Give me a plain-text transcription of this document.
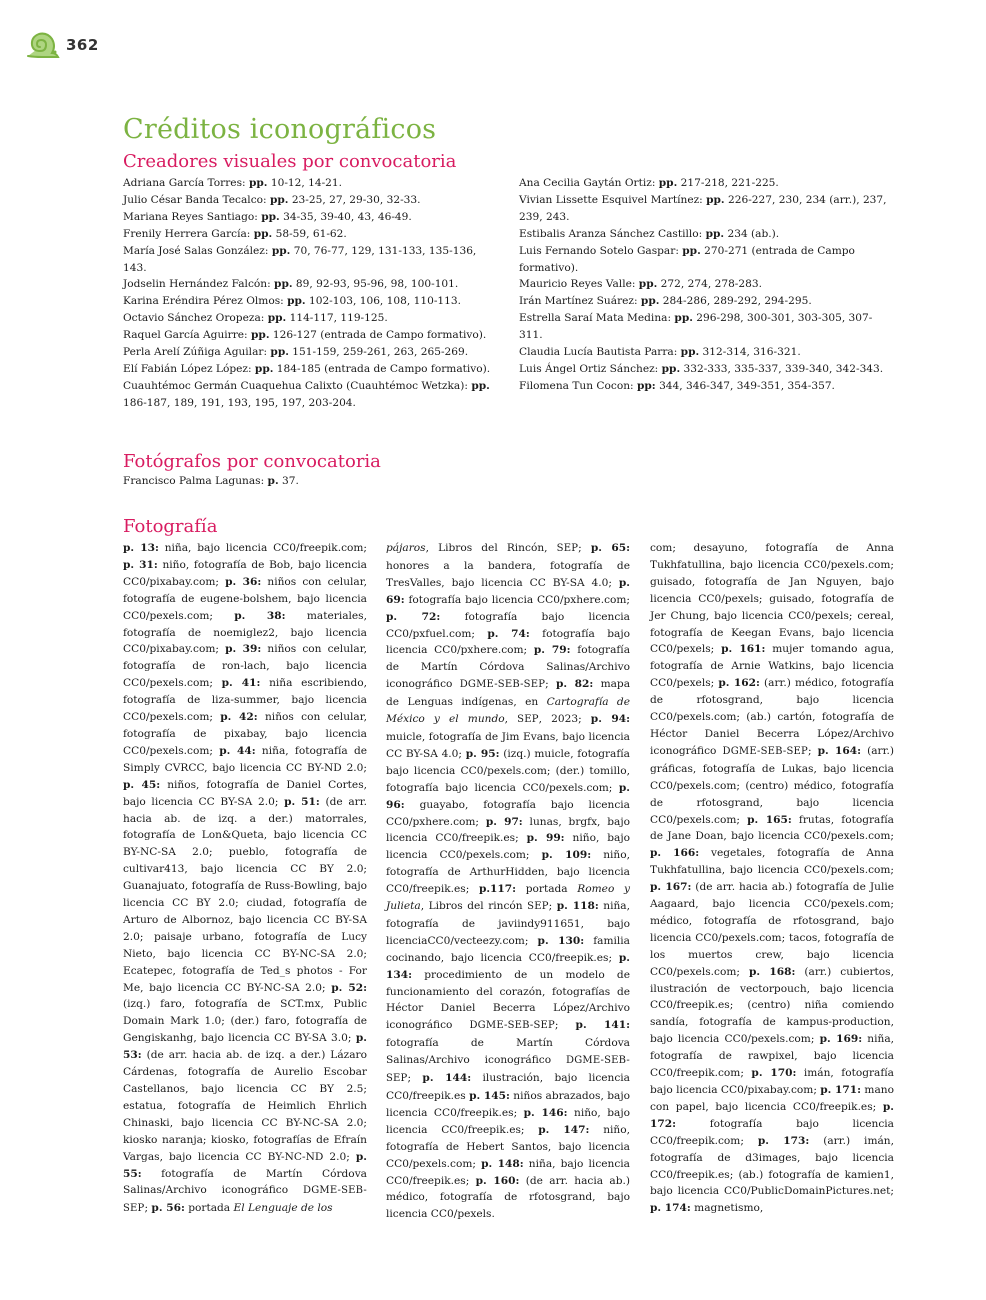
362
Créditos iconográficos
Creadores visuales por convocatoria
Adriana García Torres: pp. 10-12, 14-21.
Julio César Banda Tecalco: pp. 23-25, 27, 29-30, 32-33.
Mariana Reyes Santiago: pp. 34-35, 39-40, 43, 46-49.
Frenily Herrera García: pp. 58-59, 61-62.
María José Salas González: pp. 70, 76-77, 129, 131-133, 135-136, 143.
Jodselin Hernández Falcón: pp. 89, 92-93, 95-96, 98, 100-101.
Karina Eréndira Pérez Olmos: pp. 102-103, 106, 108, 110-113.
Octavio Sánchez Oropeza: pp. 114-117, 119-125.
Raquel García Aguirre: pp. 126-127 (entrada de Campo formativo).
Perla Arelí Zúñiga Aguilar: pp. 151-159, 259-261, 263, 265-269.
Elí Fabián López López: pp. 184-185 (entrada de Campo formativo).
Cuauhtémoc Germán Cuaquehua Calixto (Cuauhtémoc Wetzka): pp. 186-187, 189, 191, 193, 195, 197, 203-204.
Ana Cecilia Gaytán Ortiz: pp. 217-218, 221-225.
Vivian Lissette Esquivel Martínez: pp. 226-227, 230, 234 (arr.), 237, 239, 243.
Estibalis Aranza Sánchez Castillo: pp. 234 (ab.).
Luis Fernando Sotelo Gaspar: pp. 270-271 (entrada de Campo formativo).
Mauricio Reyes Valle: pp. 272, 274, 278-283.
Irán Martínez Suárez: pp. 284-286, 289-292, 294-295.
Estrella Saraí Mata Medina: pp. 296-298, 300-301, 303-305, 307-311.
Claudia Lucía Bautista Parra: pp. 312-314, 316-321.
Luis Ángel Ortiz Sánchez: pp. 332-333, 335-337, 339-340, 342-343.
Filomena Tun Cocon: pp: 344, 346-347, 349-351, 354-357.
Fotógrafos por convocatoria
Francisco Palma Lagunas: p. 37.
Fotografía

p. 13: niña, bajo licencia CC0/freepik.com; p. 31: niño, fotografía de Bob, bajo licencia CC0/pixabay.com; p. 36: niños con celular, fotografía de eugene-bolshem, bajo licencia CC0/pexels.com; p. 38: materiales, fotografía de noemiglez2, bajo licencia CC0/pixabay.com; p. 39: niños con celular, fotografía de ron-lach, bajo licencia CC0/pexels.com; p. 41: niña escribiendo, fotografía de liza-summer, bajo licencia CC0/pexels.com; p. 42: niños con celular, fotografía de pixabay, bajo licencia CC0/pexels.com; p. 44: niña, fotografía de Simply CVRCC, bajo licencia CC BY-ND 2.0; p. 45: niños, fotografía de Daniel Cortes, bajo licencia CC BY-SA 2.0; p. 51: (de arr. hacia ab. de izq. a der.) matorrales, fotografía de Lon&Queta, bajo licencia CC BY-NC-SA 2.0; pueblo, fotografía de cultivar413, bajo licencia CC BY 2.0; Guanajuato, fotografía de Russ-Bowling, bajo licencia CC BY 2.0; ciudad, fotografía de Arturo de Albornoz, bajo licencia CC BY-SA 2.0; paisaje urbano, fotografía de Lucy Nieto, bajo licencia CC BY-NC-SA 2.0; Ecatepec, fotografía de Ted_s photos - For Me, bajo licencia CC BY-NC-SA 2.0; p. 52: (izq.) faro, fotografía de SCT.mx, Public Domain Mark 1.0; (der.) faro, fotografía de Gengiskanhg, bajo licencia CC BY-SA 3.0; p. 53: (de arr. hacia ab. de izq. a der.) Lázaro Cárdenas, fotografía de Aurelio Escobar Castellanos, bajo licencia CC BY 2.5; estatua, fotografía de Heimlich Ehrlich Chinaski, bajo licencia CC BY-NC-SA 2.0; kiosko naranja; kiosko, fotografías de Efraín Vargas, bajo licencia CC BY-NC-ND 2.0; p. 55: fotografía de Martín Córdova Salinas/Archivo iconográfico DGME-SEB-SEP; p. 56: portada El Lenguaje de los

pájaros, Libros del Rincón, SEP; p. 65: honores a la bandera, fotografía de TresValles, bajo licencia CC BY-SA 4.0; p. 69: fotografía bajo licencia CC0/pxhere.com; p. 72: fotografía bajo licencia CC0/pxfuel.com; p. 74: fotografía bajo licencia CC0/pxhere.com; p. 79: fotografía de Martín Córdova Salinas/Archivo iconográfico DGME-SEB-SEP; p. 82: mapa de Lenguas indígenas, en Cartografía de México y el mundo, SEP, 2023; p. 94: muicle, fotografía de Jim Evans, bajo licencia CC BY-SA 4.0; p. 95: (izq.) muicle, fotografía bajo licencia CC0/pexels.com; (der.) tomillo, fotografía bajo licencia CC0/pexels.com; p. 96: guayabo, fotografía bajo licencia CC0/pxhere.com; p. 97: lunas, brgfx, bajo licencia CC0/freepik.es; p. 99: niño, bajo licencia CC0/pexels.com; p. 109: niño, fotografía de ArthurHidden, bajo licencia CC0/freepik.es; p.117: portada Romeo y Julieta, Libros del rincón SEP; p. 118: niña, fotografía de javiindy911651, bajo licenciaCC0/vecteezy.com; p. 130: familia cocinando, bajo licencia CC0/freepik.es; p. 134: procedimiento de un modelo de funcionamiento del corazón, fotografías de Héctor Daniel Becerra López/Archivo iconográfico DGME-SEB-SEP; p. 141: fotografía de Martín Córdova Salinas/Archivo iconográfico DGME-SEB-SEP; p. 144: ilustración, bajo licencia CC0/freepik.es p. 145: niños abrazados, bajo licencia CC0/freepik.es; p. 146: niño, bajo licencia CC0/freepik.es; p. 147: niño, fotografía de Hebert Santos, bajo licencia CC0/pexels.com; p. 148: niña, bajo licencia CC0/freepik.es; p. 160: (de arr. hacia ab.) médico, fotografía de rfotosgrand, bajo licencia CC0/pexels.

com; desayuno, fotografía de Anna Tukhfatullina, bajo licencia CC0/pexels.com; guisado, fotografía de Jan Nguyen, bajo licencia CC0/pexels; guisado, fotografía de Jer Chung, bajo licencia CC0/pexels; cereal, fotografía de Keegan Evans, bajo licencia CC0/pexels; p. 161: mujer tomando agua, fotografía de Arnie Watkins, bajo licencia CC0/pexels; p. 162: (arr.) médico, fotografía de rfotosgrand, bajo licencia CC0/pexels.com; (ab.) cartón, fotografía de Héctor Daniel Becerra López/Archivo iconográfico DGME-SEB-SEP; p. 164: (arr.) gráficas, fotografía de Lukas, bajo licencia CC0/pexels.com; (centro) médico, fotografía de rfotosgrand, bajo licencia CC0/pexels.com; p. 165: frutas, fotografía de Jane Doan, bajo licencia CC0/pexels.com; p. 166: vegetales, fotografía de Anna Tukhfatullina, bajo licencia CC0/pexels.com; p. 167: (de arr. hacia ab.) fotografía de Julie Aagaard, bajo licencia CC0/pexels.com; médico, fotografía de rfotosgrand, bajo licencia CC0/pexels.com; tacos, fotografía de los muertos crew, bajo licencia CC0/pexels.com; p. 168: (arr.) cubiertos, ilustración de vectorpouch, bajo licencia CC0/freepik.es; (centro) niña comiendo sandía, fotografía de kampus-production, bajo licencia CC0/pexels.com; p. 169: niña, fotografía de rawpixel, bajo licencia CC0/freepik.com; p. 170: imán, fotografía bajo licencia CC0/pixabay.com; p. 171: mano con papel, bajo licencia CC0/freepik.es; p. 172: fotografía bajo licencia CC0/freepik.com; p. 173: (arr.) imán, fotografía de d3images, bajo licencia CC0/freepik.es; (ab.) fotografía de kamien1, bajo licencia CC0/PublicDomainPictures.net; p. 174: magnetismo,
